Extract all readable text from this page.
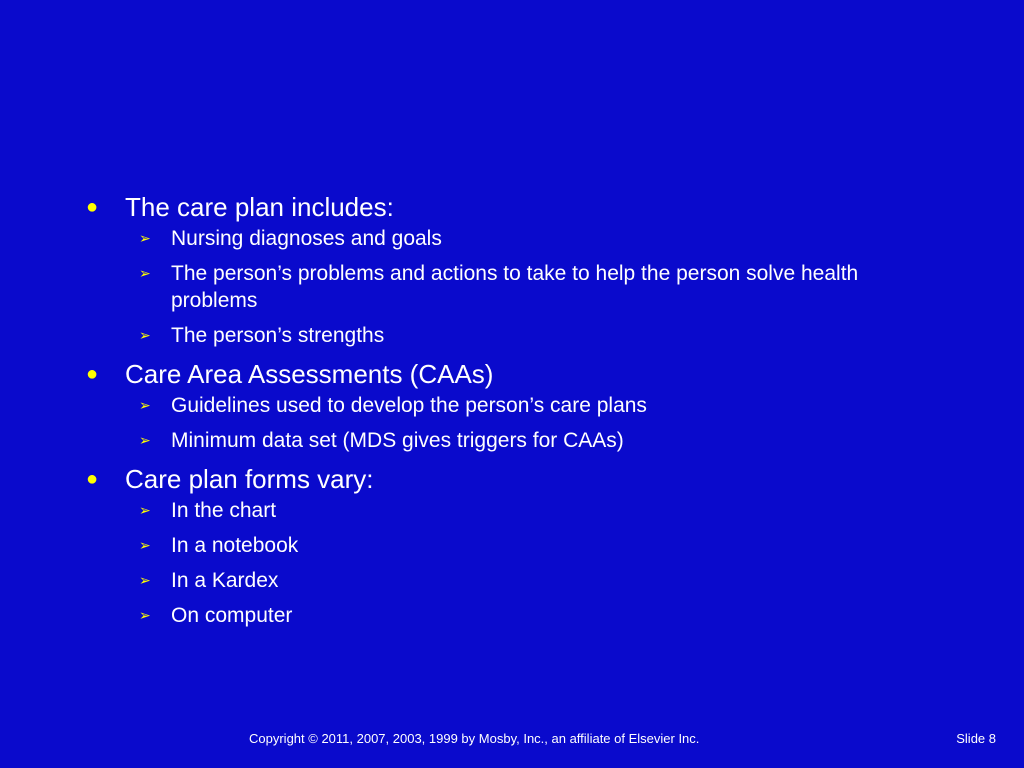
● The care plan includes:
➢ Nursing diagnoses and goals
➢ The person’s problems and actions to take to help the person solve health problems
➢ The person’s strengths
● Care Area Assessments (CAAs)
➢ Guidelines used to develop the person’s care plans
➢ Minimum data set (MDS gives triggers for CAAs)
● Care plan forms vary:
➢ In the chart
➢ In a notebook
➢ In a Kardex
➢ On computer
Copyright © 2011, 2007, 2003, 1999 by Mosby, Inc., an affiliate of Elsevier Inc.	Slide 8
